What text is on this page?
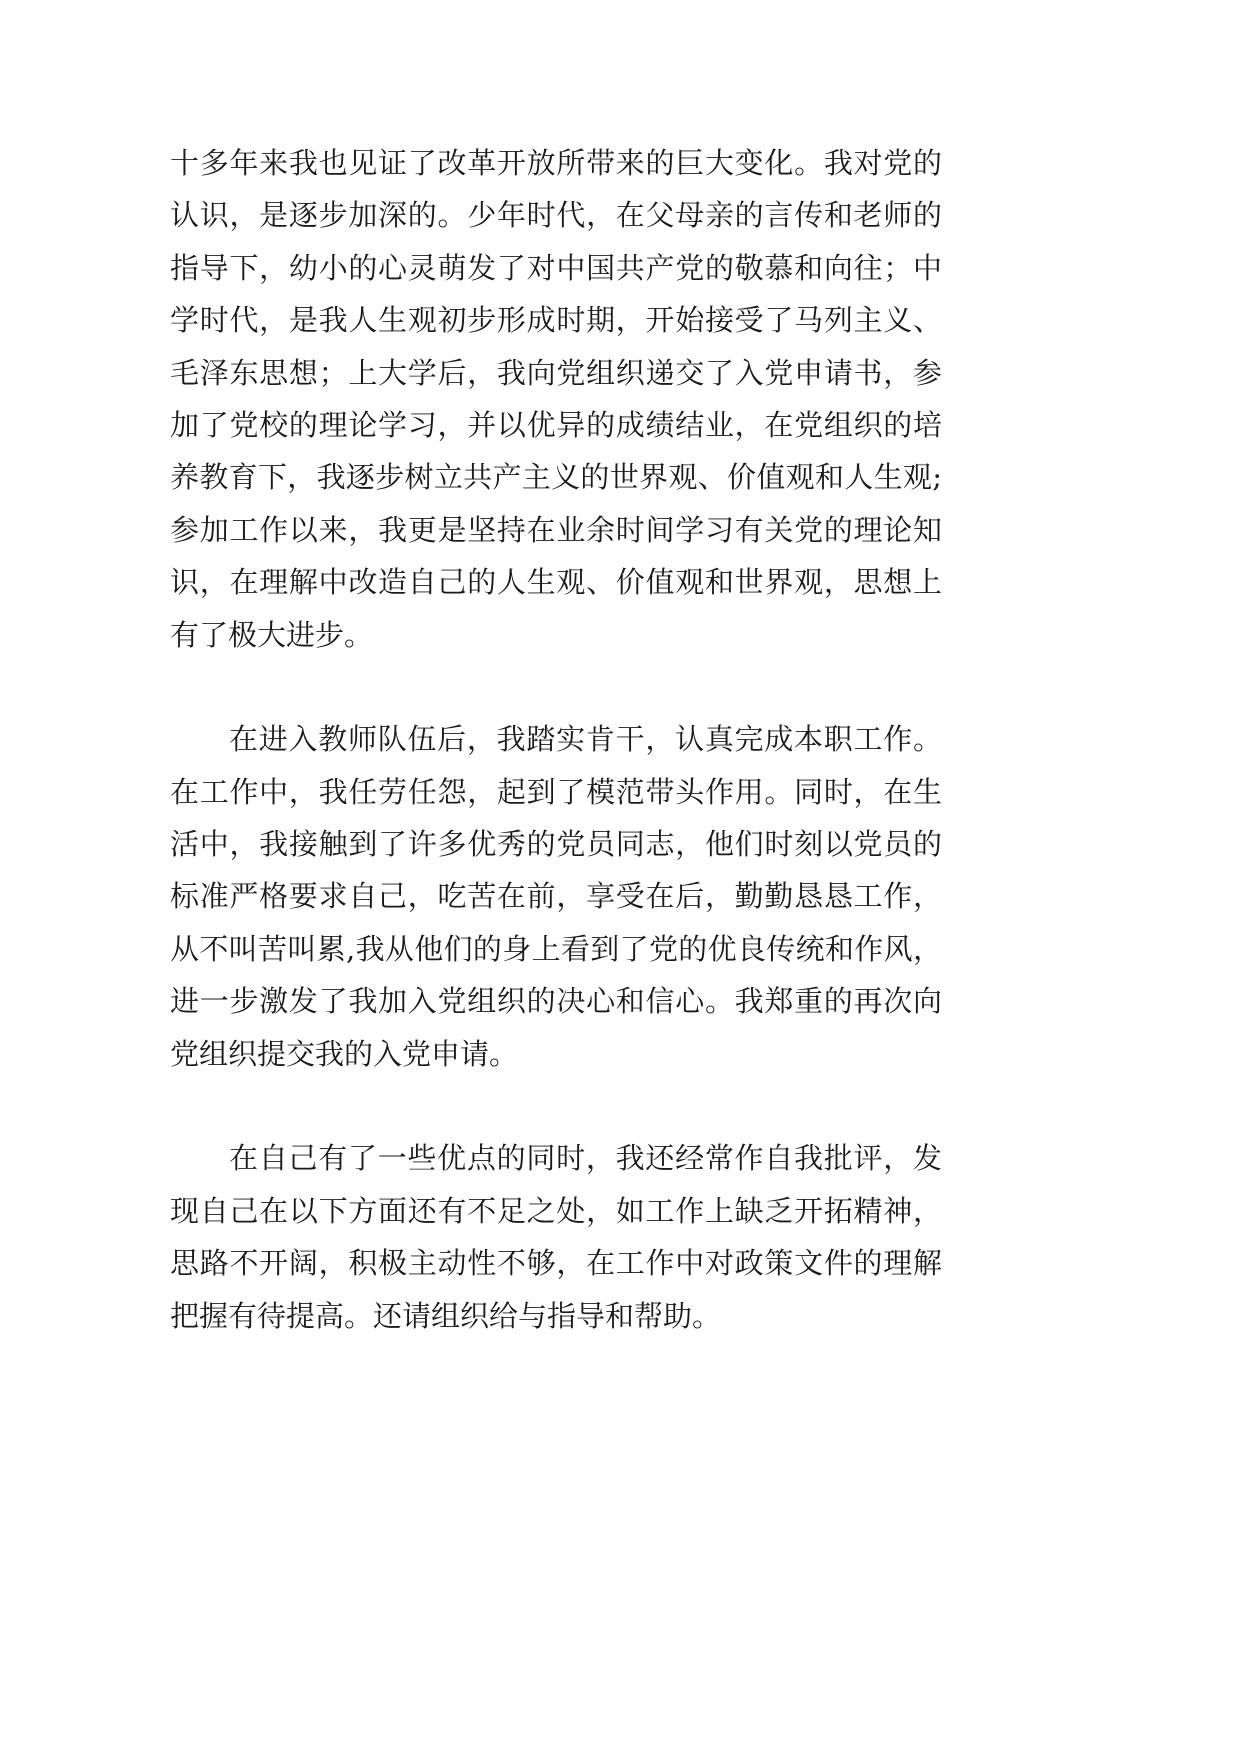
十多年来我也见证了改革开放所带来的巨大变化。我对党的
认识，是逐步加深的。少年时代，在父母亲的言传和老师的
指导下，幼小的心灵萌发了对中国共产党的敬慕和向往；中
学时代，是我人生观初步形成时期，开始接受了马列主义、
毛泽东思想；上大学后，我向党组织递交了入党申请书，参
加了党校的理论学习，并以优异的成绩结业，在党组织的培
养教育下，我逐步树立共产主义的世界观、价值观和人生观;
参加工作以来，我更是坚持在业余时间学习有关党的理论知
识，在理解中改造自己的人生观、价值观和世界观，思想上
有了极大进步。
在进入教师队伍后，我踏实肯干，认真完成本职工作。
在工作中，我任劳任怨，起到了模范带头作用。同时，在生
活中，我接触到了许多优秀的党员同志，他们时刻以党员的
标准严格要求自己，吃苦在前，享受在后，勤勤恳恳工作，
从不叫苦叫累,我从他们的身上看到了党的优良传统和作风，
进一步激发了我加入党组织的决心和信心。我郑重的再次向
党组织提交我的入党申请。
在自己有了一些优点的同时，我还经常作自我批评，发
现自己在以下方面还有不足之处，如工作上缺乏开拓精神，
思路不开阔，积极主动性不够，在工作中对政策文件的理解
把握有待提高。还请组织给与指导和帮助。
